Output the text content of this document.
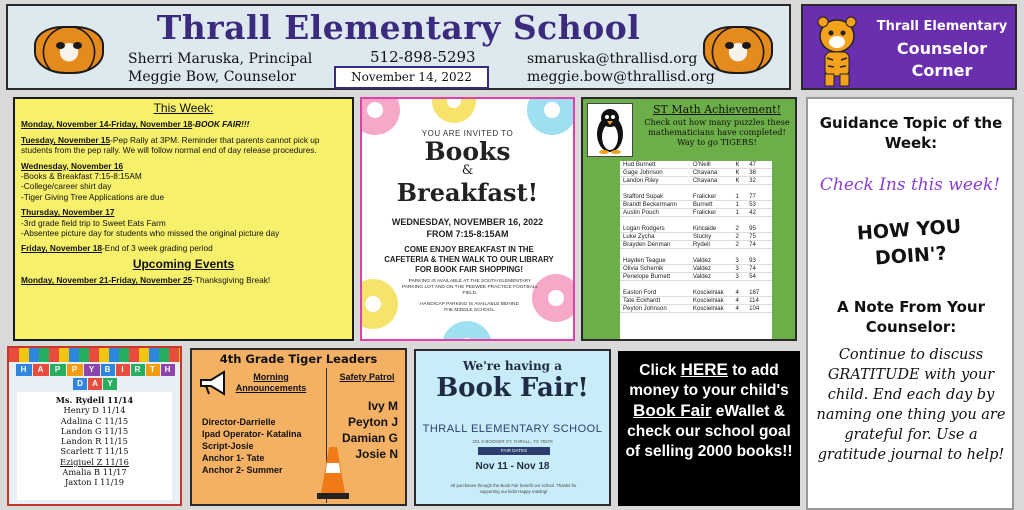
Thrall Elementary School
Sherri Maruska, Principal
Meggie Bow, Counselor
512-898-5293
November 14, 2022
smaruska@thrallisd.org
meggie.bow@thrallisd.org
Thrall Elementary
Counselor
Corner
This Week:

Monday, November 14-Friday, November 18-BOOK FAIR!!!

Tuesday, November 15-Pep Rally at 3PM. Reminder that parents cannot pick up students from the pep rally. We will follow normal end of day release procedures.

Wednesday, November 16
-Books & Breakfast 7:15-8:15AM
-College/career shirt day
-Tiger Giving Tree Applications are due

Thursday, November 17
-3rd grade field trip to Sweet Eats Farm
-Absentee picture day for students who missed the original picture day

Friday, November 18-End of 3 week grading period

Upcoming Events

Monday, November 21-Friday, November 25-Thanksgiving Break!

YOU ARE INVITED TO
Books
&
Breakfast!
WEDNESDAY, NOVEMBER 16, 2022
FROM 7:15-8:15AM
COME ENJOY BREAKFAST IN THE CAFETERIA & THEN WALK TO OUR LIBRARY FOR BOOK FAIR SHOPPING!
PARKING IS AVAILABLE AT THE SOUTH ELEMENTARY PARKING LOT AND ON THE PEEWEE PRACTICE FOOTBALL FIELD.
HANDICAP PARKING IS AVAILABLE BEHIND THE MIDDLE SCHOOL.
ST Math Achievement!
Check out how many puzzles these mathematicians have completed! Way to go TIGERS!
Hud Burnett	O'Neill	K	47
Gage Johnson	Chavana	K	38
Landon Riley	Chavana	K	32
Stafford Supak	Fralicker	1	77
Brandt Beckermann	Burnett	1	53
Austin Pouch	Fralicker	1	42
Logan Rodgers	Kincaide	2	95
Luke Zycha	Stucky	2	75
Brayden Denman	Rydell	2	74
Hayden Teague	Valdez	3	93
Olivia Schemik	Valdez	3	74
Penelope Burnett	Valdez	3	54
Easton Ford	Koscielniak	4	187
Tate Eckhardt	Koscielniak	4	114
Peyton Johnson	Koscielniak	4	104
Guidance Topic of the Week:
Check Ins this week!
HOW YOU DOIN'?
A Note From Your Counselor:
Continue to discuss GRATITUDE with your child. End each day by naming one thing you are grateful for. Use a gratitude journal to help!
H	A	P	P	Y	B	I	R	T	H
D	A	Y
Ms. Rydell 11/14
Henry D 11/14
Adalina C 11/15
Landon G 11/15
Landon R 11/15
Scarlett T 11/15
Ezigiuel Z 11/16
Amalia B 11/17
Jaxton I 11/19
4th Grade Tiger Leaders
Morning Announcements
Director-Darrielle
Ipad Operator- Katalina
Script-Josie
Anchor 1- Tate
Anchor 2- Summer
Safety Patrol
Ivy M
Peyton J
Damian G
Josie N
We're having a
Book Fair!
THRALL ELEMENTARY SCHOOL
201 S BOOKER ST, THRALL, TX 76578
FAIR DATES
Nov 11 - Nov 18
All purchases through the Book Fair benefit our school. Thanks for supporting our kids! Happy reading!
Click HERE to add money to your child's Book Fair eWallet & check our school goal of selling 2000 books!!
